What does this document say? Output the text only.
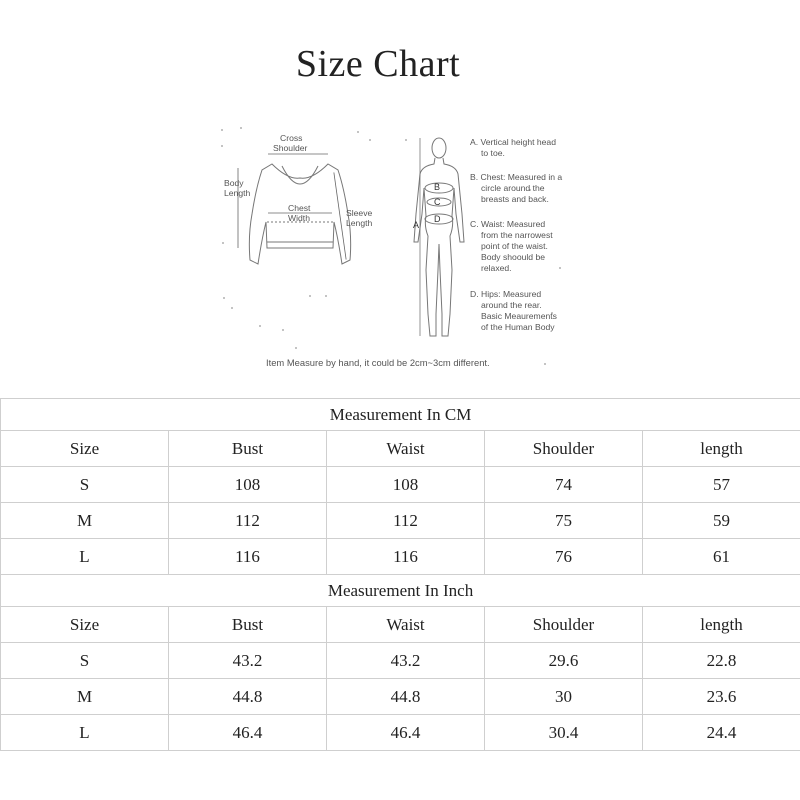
Size Chart
Cross Shoulder
Body Length
Chest Width	Sleeve Length	A
B
C
D
A. Vertical height head to toe.
B. Chest: Measured in a circle around the breasts and back.
C. Waist: Measured from the narrowest point of the waist. Body shoould be relaxed.
D. Hips: Measured around the rear. Basic Meaurements of the Human Body
Item Measure by hand, it could be 2cm~3cm different.
Measurement In CM				
Size	Bust	Waist	Shoulder	length
S	108	108	74	57
M	112	112	75	59
L	116	116	76	61
Measurement In Inch				
Size	Bust	Waist	Shoulder	length
S	43.2	43.2	29.6	22.8
M	44.8	44.8	30	23.6
L	46.4	46.4	30.4	24.4
